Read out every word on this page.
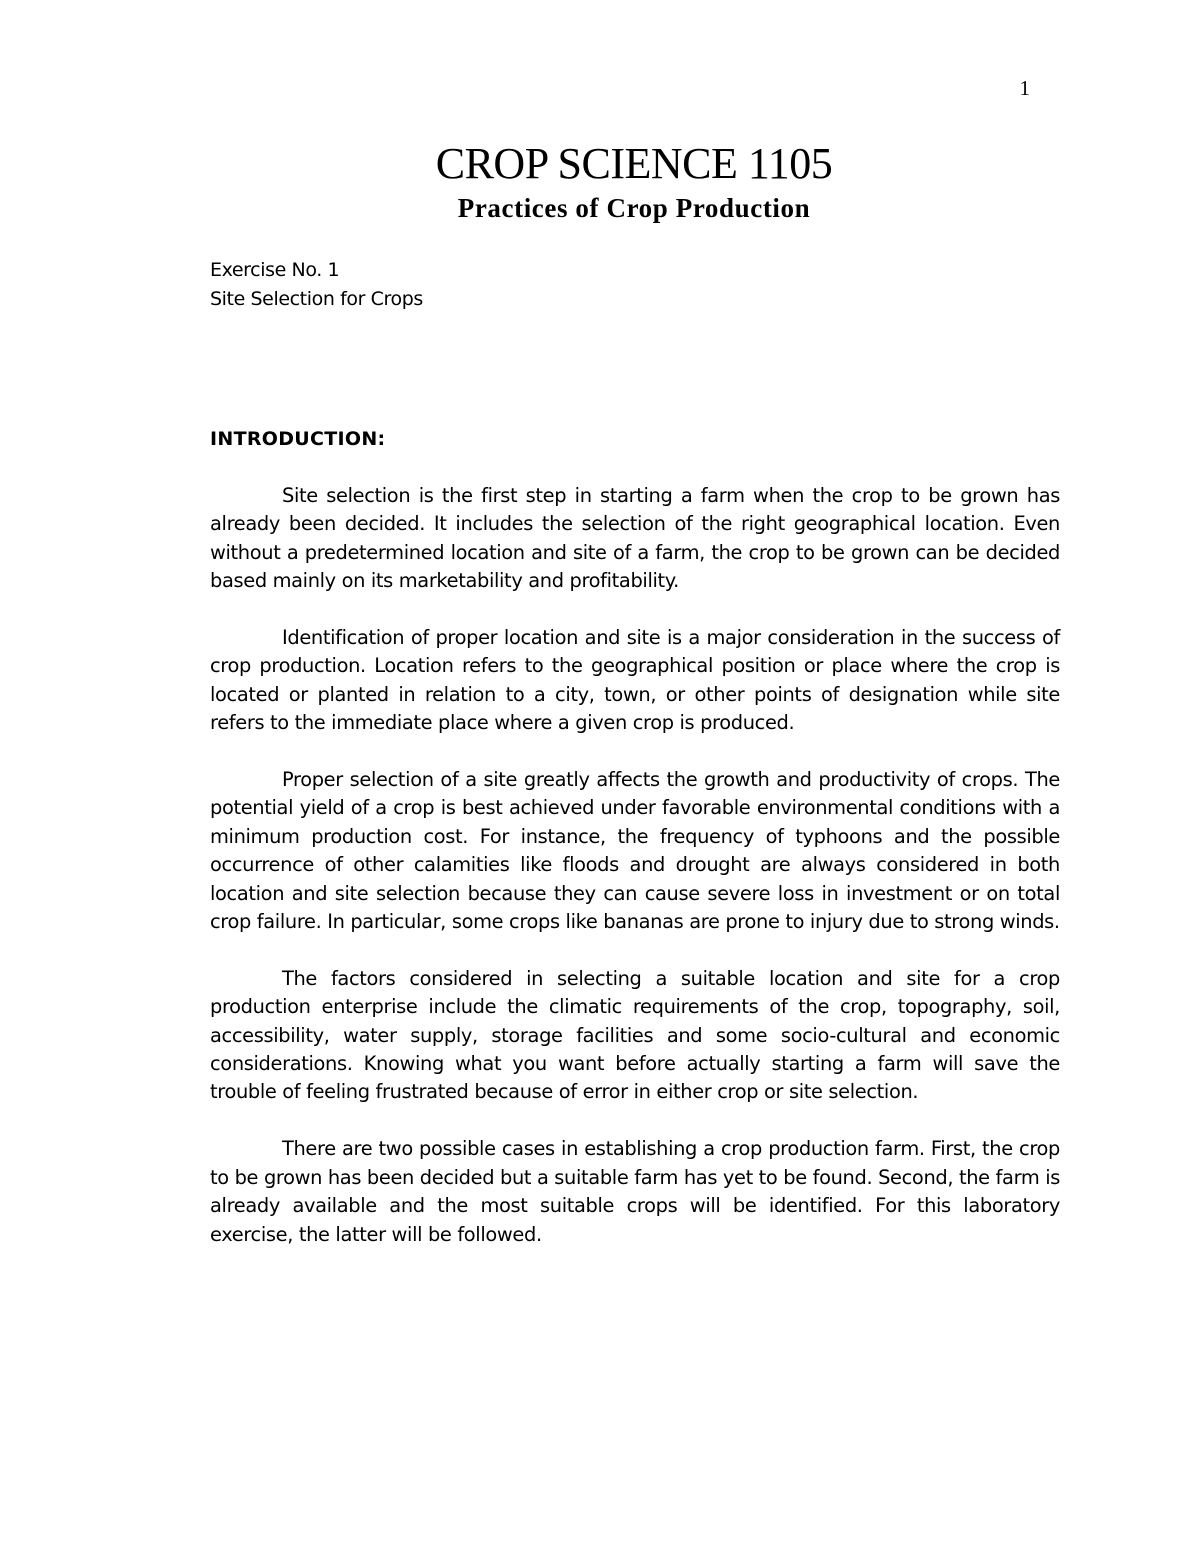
1
CROP SCIENCE 1105
Practices of Crop Production
Exercise No. 1
Site Selection for Crops
INTRODUCTION:

Site selection is the first step in starting a farm when the crop to be grown has already been decided. It includes the selection of the right geographical location. Even without a predetermined location and site of a farm, the crop to be grown can be decided based mainly on its marketability and profitability.

Identification of proper location and site is a major consideration in the success of crop production. Location refers to the geographical position or place where the crop is located or planted in relation to a city, town, or other points of designation while site refers to the immediate place where a given crop is produced.

Proper selection of a site greatly affects the growth and productivity of crops. The potential yield of a crop is best achieved under favorable environmental conditions with a minimum production cost. For instance, the frequency of typhoons and the possible occurrence of other calamities like floods and drought are always considered in both location and site selection because they can cause severe loss in investment or on total crop failure. In particular, some crops like bananas are prone to injury due to strong winds.

The factors considered in selecting a suitable location and site for a crop production enterprise include the climatic requirements of the crop, topography, soil, accessibility, water supply, storage facilities and some socio-cultural and economic considerations. Knowing what you want before actually starting a farm will save the trouble of feeling frustrated because of error in either crop or site selection.

There are two possible cases in establishing a crop production farm. First, the crop to be grown has been decided but a suitable farm has yet to be found. Second, the farm is already available and the most suitable crops will be identified. For this laboratory exercise, the latter will be followed.
